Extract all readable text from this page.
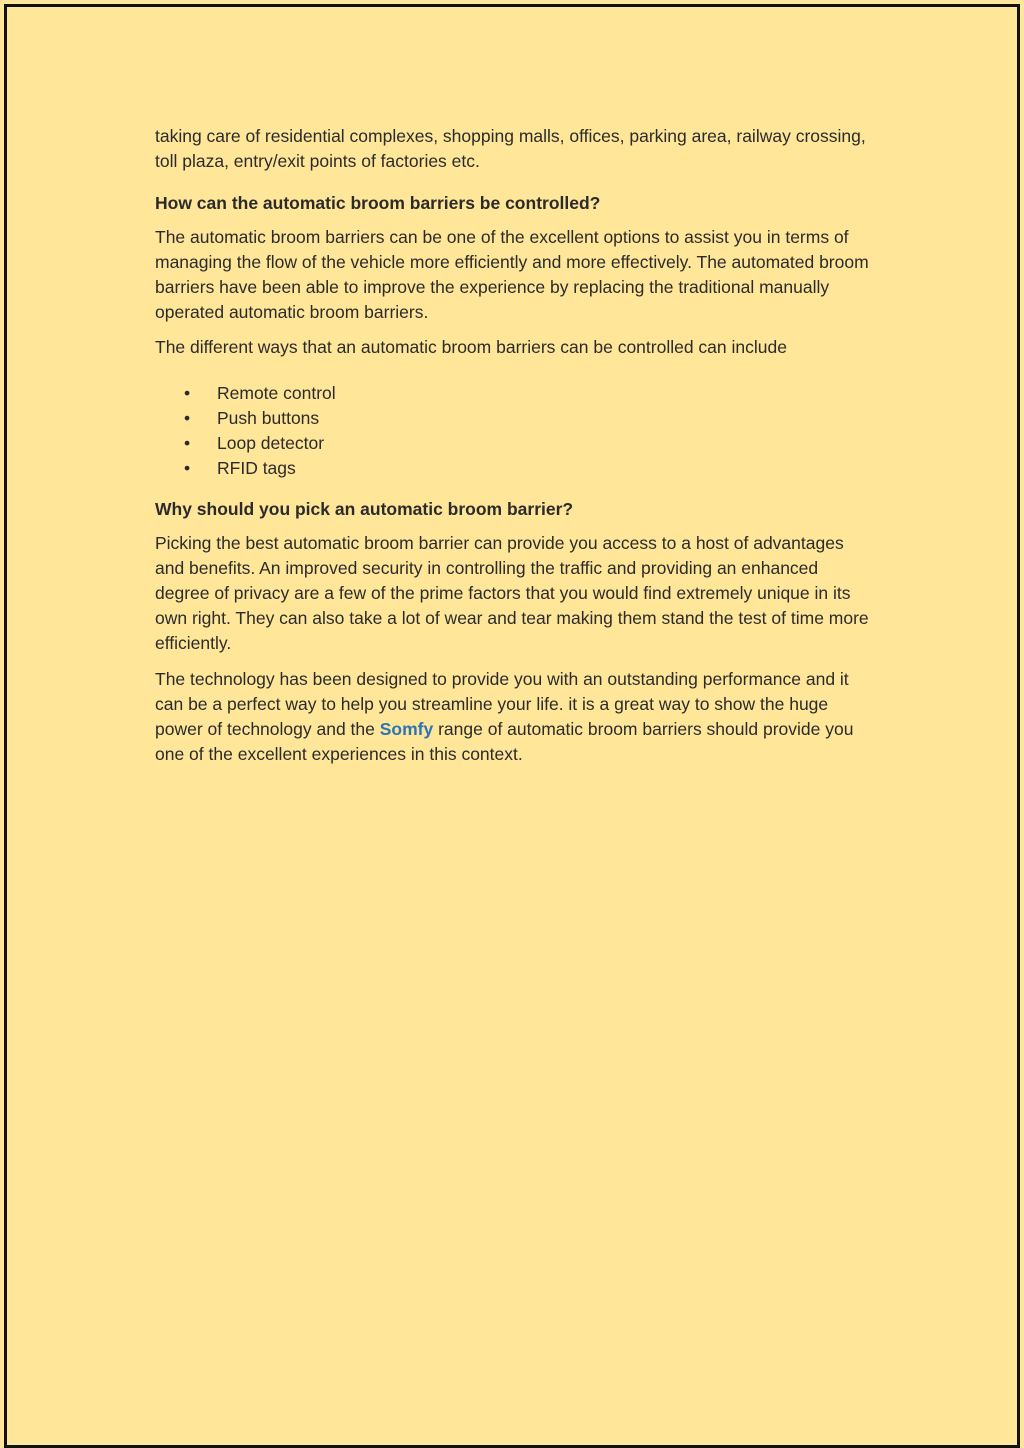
taking care of residential complexes, shopping malls, offices, parking area, railway crossing, toll plaza, entry/exit points of factories etc.

How can the automatic broom barriers be controlled?

The automatic broom barriers can be one of the excellent options to assist you in terms of managing the flow of the vehicle more efficiently and more effectively. The automated broom barriers have been able to improve the experience by replacing the traditional manually operated automatic broom barriers.

The different ways that an automatic broom barriers can be controlled can include

• Remote control
• Push buttons
• Loop detector
• RFID tags
Why should you pick an automatic broom barrier?

Picking the best automatic broom barrier can provide you access to a host of advantages and benefits. An improved security in controlling the traffic and providing an enhanced degree of privacy are a few of the prime factors that you would find extremely unique in its own right. They can also take a lot of wear and tear making them stand the test of time more efficiently.

The technology has been designed to provide you with an outstanding performance and it can be a perfect way to help you streamline your life. it is a great way to show the huge power of technology and the Somfy range of automatic broom barriers should provide you one of the excellent experiences in this context.
